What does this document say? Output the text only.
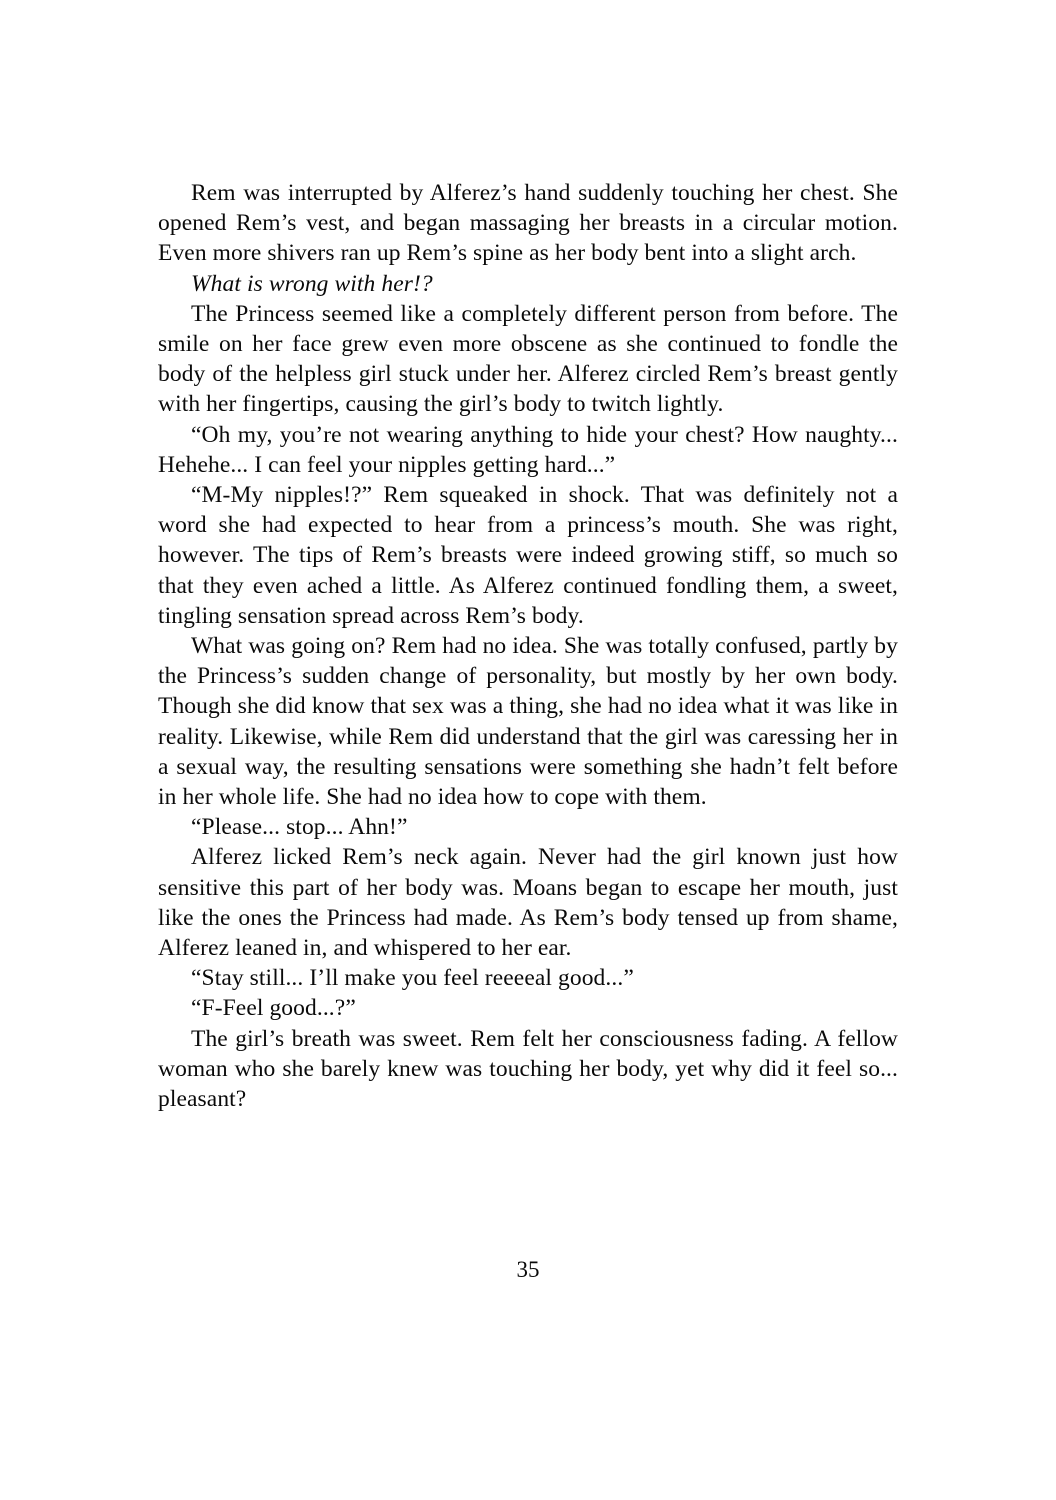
Rem was interrupted by Alferez’s hand suddenly touching her chest. She opened Rem’s vest, and began massaging her breasts in a circular motion. Even more shivers ran up Rem’s spine as her body bent into a slight arch.

What is wrong with her!?

The Princess seemed like a completely different person from before. The smile on her face grew even more obscene as she continued to fondle the body of the helpless girl stuck under her. Alferez circled Rem’s breast gently with her fingertips, causing the girl’s body to twitch lightly.

“Oh my, you’re not wearing anything to hide your chest? How naughty... Hehehe... I can feel your nipples getting hard...”

“M-My nipples!?” Rem squeaked in shock. That was definitely not a word she had expected to hear from a princess’s mouth. She was right, however. The tips of Rem’s breasts were indeed growing stiff, so much so that they even ached a little. As Alferez continued fondling them, a sweet, tingling sensation spread across Rem’s body.

What was going on? Rem had no idea. She was totally confused, partly by the Princess’s sudden change of personality, but mostly by her own body. Though she did know that sex was a thing, she had no idea what it was like in reality. Likewise, while Rem did understand that the girl was caressing her in a sexual way, the resulting sensations were something she hadn’t felt before in her whole life. She had no idea how to cope with them.

“Please... stop... Ahn!”

Alferez licked Rem’s neck again. Never had the girl known just how sensitive this part of her body was. Moans began to escape her mouth, just like the ones the Princess had made. As Rem’s body tensed up from shame, Alferez leaned in, and whispered to her ear.

“Stay still... I’ll make you feel reeeeal good...”

“F-Feel good...?”

The girl’s breath was sweet. Rem felt her consciousness fading. A fellow woman who she barely knew was touching her body, yet why did it feel so... pleasant?

35
